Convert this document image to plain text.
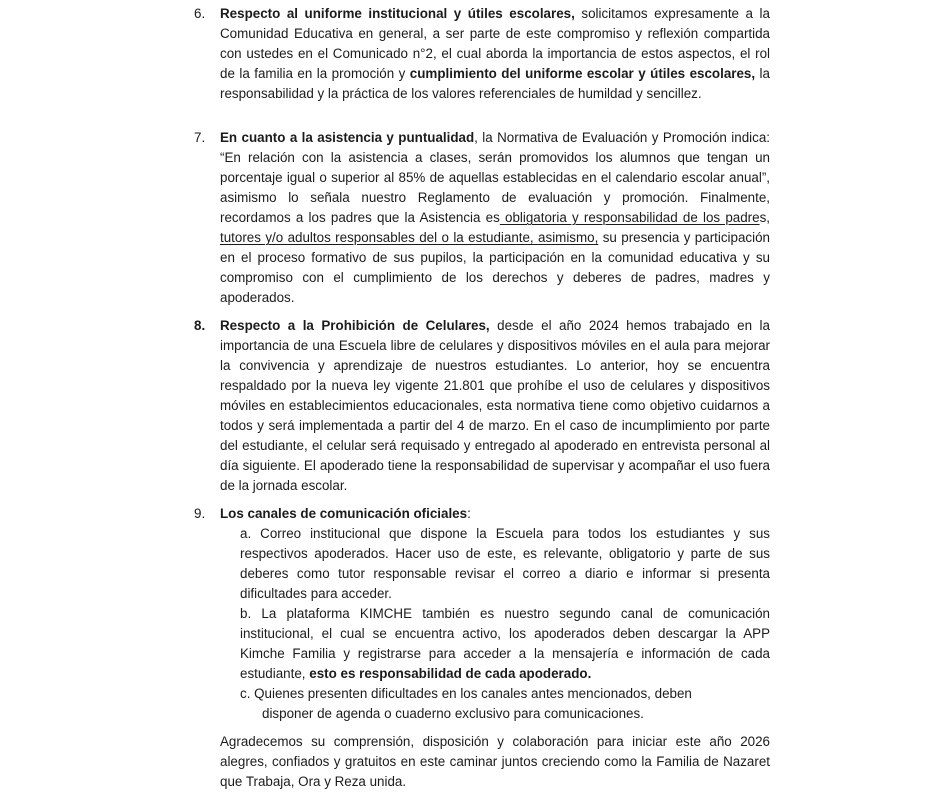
6.	Respecto al uniforme institucional y útiles escolares, solicitamos expresamente a la Comunidad Educativa en general, a ser parte de este compromiso y reflexión compartida con ustedes en el Comunicado n°2, el cual aborda la importancia de estos aspectos, el rol de la familia en la promoción y cumplimiento del uniforme escolar y útiles escolares, la responsabilidad y la práctica de los valores referenciales de humildad y sencillez.

7.	En cuanto a la asistencia y puntualidad, la Normativa de Evaluación y Promoción indica: “En relación con la asistencia a clases, serán promovidos los alumnos que tengan un porcentaje igual o superior al 85% de aquellas establecidas en el calendario escolar anual”, asimismo lo señala nuestro Reglamento de evaluación y promoción. Finalmente, recordamos a los padres que la Asistencia es obligatoria y responsabilidad de los padres, tutores y/o adultos responsables del o la estudiante, asimismo, su presencia y participación en el proceso formativo de sus pupilos, la participación en la comunidad educativa y su compromiso con el cumplimiento de los derechos y deberes de padres, madres y apoderados.

8.	Respecto a la Prohibición de Celulares, desde el año 2024 hemos trabajado en la importancia de una Escuela libre de celulares y dispositivos móviles en el aula para mejorar la convivencia y aprendizaje de nuestros estudiantes. Lo anterior, hoy se encuentra respaldado por la nueva ley vigente 21.801 que prohíbe el uso de celulares y dispositivos móviles en establecimientos educacionales, esta normativa tiene como objetivo cuidarnos a todos y será implementada a partir del 4 de marzo. En el caso de incumplimiento por parte del estudiante, el celular será requisado y entregado al apoderado en entrevista personal al día siguiente. El apoderado tiene la responsabilidad de supervisar y acompañar el uso fuera de la jornada escolar.

9.	Los canales de comunicación oficiales:

a. Correo institucional que dispone la Escuela para todos los estudiantes y sus respectivos apoderados. Hacer uso de este, es relevante, obligatorio y parte de sus deberes como tutor responsable revisar el correo a diario e informar si presenta dificultades para acceder.

b. La plataforma KIMCHE también es nuestro segundo canal de comunicación institucional, el cual se encuentra activo, los apoderados deben descargar la APP Kimche Familia y registrarse para acceder a la mensajería e información de cada estudiante, esto es responsabilidad de cada apoderado.

c. Quienes presenten dificultades en los canales antes mencionados, deben

disponer de agenda o cuaderno exclusivo para comunicaciones.

Agradecemos su comprensión, disposición y colaboración para iniciar este año 2026 alegres, confiados y gratuitos en este caminar juntos creciendo como la Familia de Nazaret que Trabaja, Ora y Reza unida.
